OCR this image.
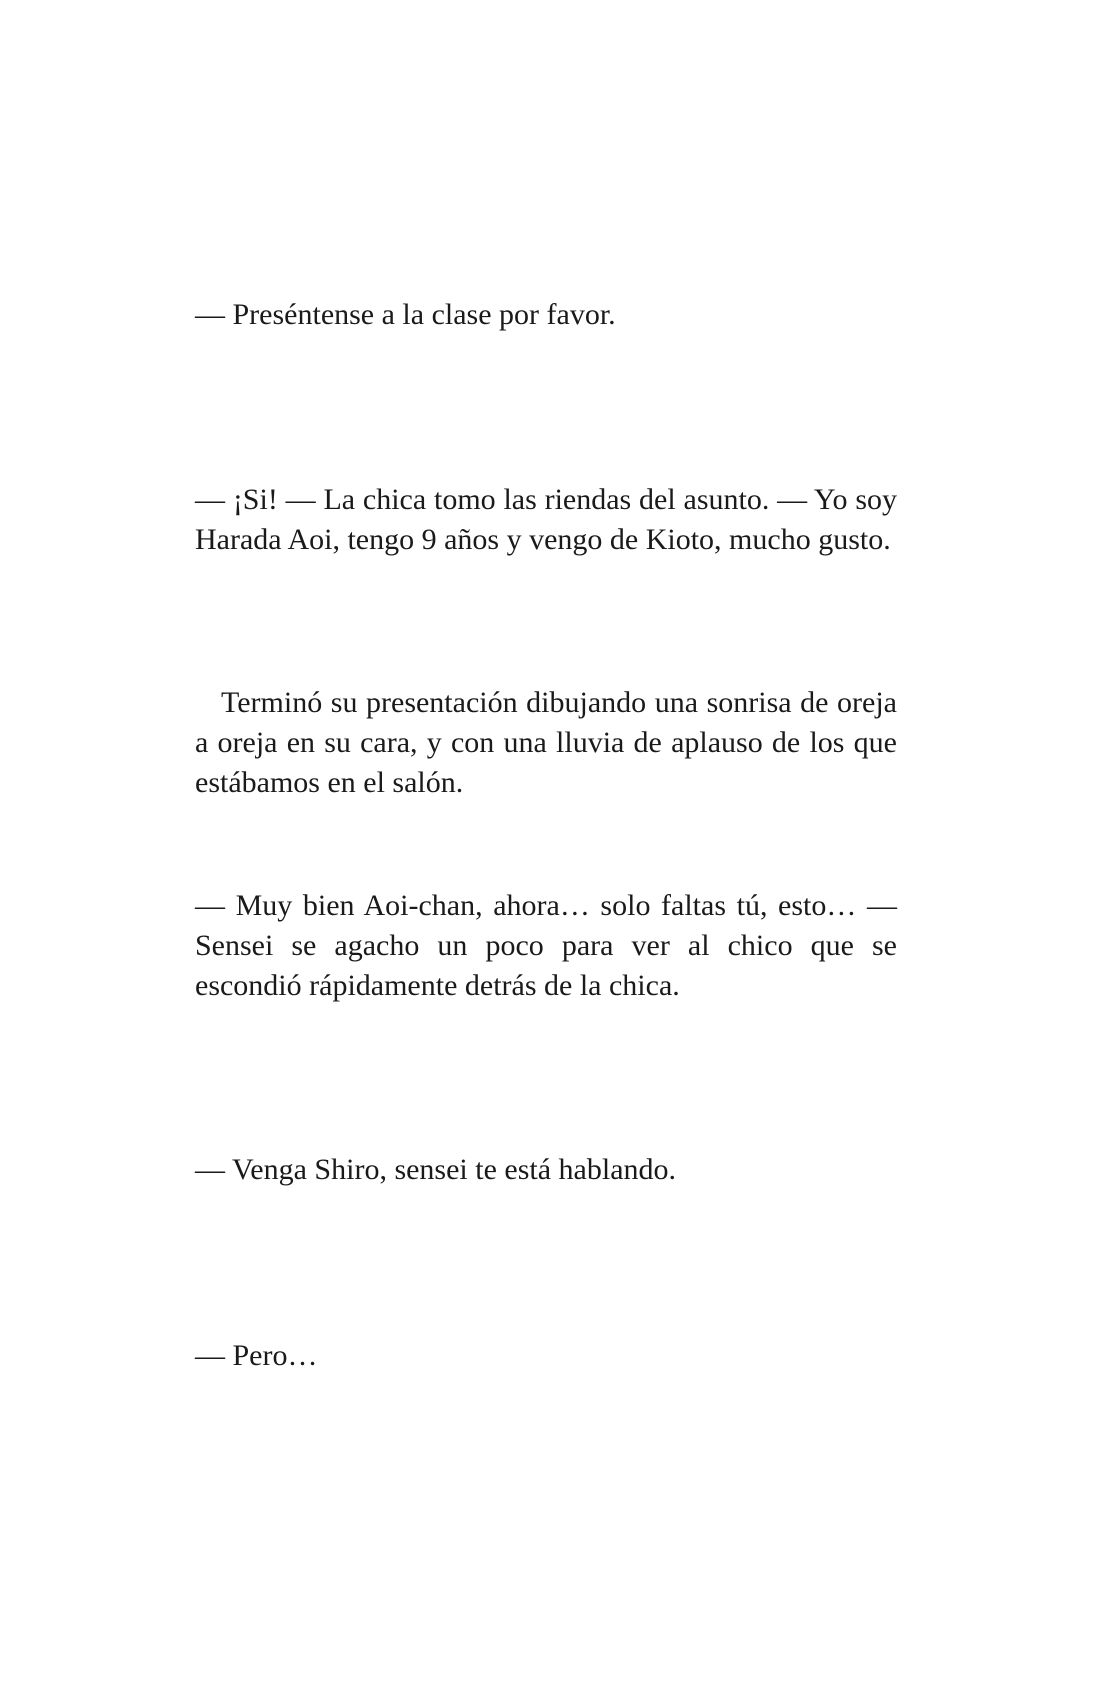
— Preséntense a la clase por favor.

— ¡Si! — La chica tomo las riendas del asunto. — Yo soy Harada Aoi, tengo 9 años y vengo de Kioto, mucho gusto.

Terminó su presentación dibujando una sonrisa de oreja a oreja en su cara, y con una lluvia de aplauso de los que estábamos en el salón.

— Muy bien Aoi-chan, ahora… solo faltas tú, esto… — Sensei se agacho un poco para ver al chico que se escondió rápidamente detrás de la chica.

— Venga Shiro, sensei te está hablando.

— Pero…
